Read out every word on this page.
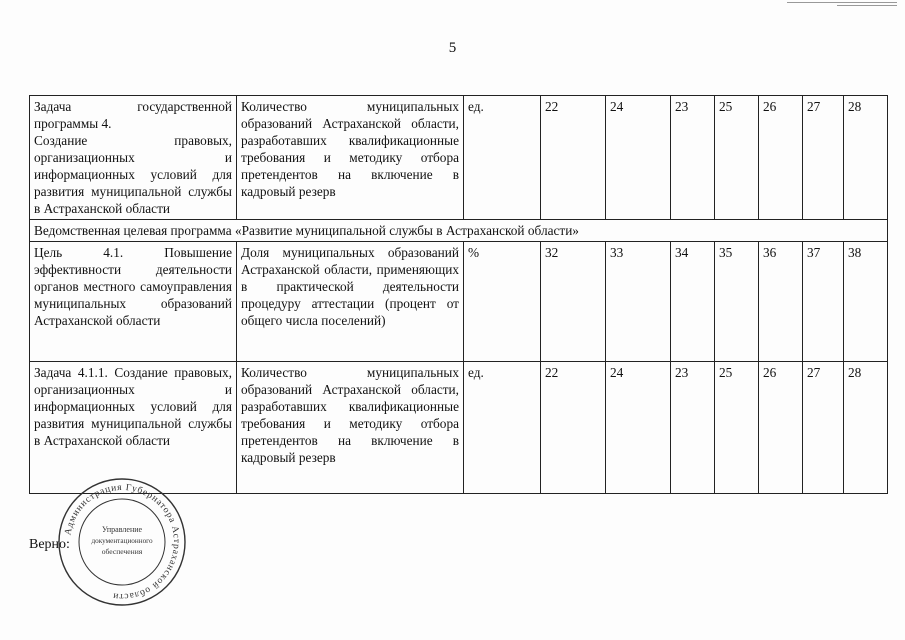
5
Задача государственной программы 4.
Создание правовых, организационных и информационных условий для развития муниципальной службы в Астраханской области	Количество муниципальных образований Астраханской области, разработавших квалификационные требования и методику отбора претендентов на включение в кадровый резерв	ед.	22	24	23	25	26	27	28
Ведомственная целевая программа «Развитие муниципальной службы в Астраханской области»									
Цель 4.1. Повышение эффективности деятельности органов местного самоуправления муниципальных образований Астраханской области	Доля муниципальных образований Астраханской области, применяющих в практической деятельности процедуру аттестации (процент от общего числа поселений)	%	32	33	34	35	36	37	38
Задача 4.1.1. Создание правовых, организационных и информационных условий для развития муниципальной службы в Астраханской области	Количество муниципальных образований Астраханской области, разработавших квалификационные требования и методику отбора претендентов на включение в кадровый резерв	ед.	22	24	23	25	26	27	28
Верно:
Администрация Губернатора Астраханской области
Управление
документационного
обеспечения
